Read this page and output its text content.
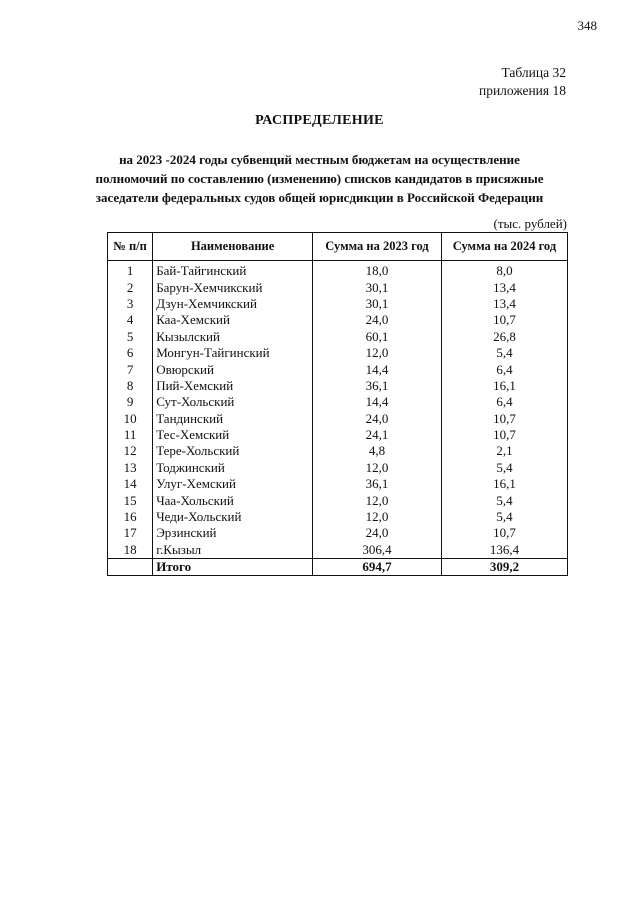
348
Таблица 32
приложения 18
РАСПРЕДЕЛЕНИЕ
на 2023 -2024 годы субвенций местным бюджетам на осуществление
полномочий по составлению (изменению) списков кандидатов в присяжные
заседатели федеральных судов общей юрисдикции в Российской Федерации
(тыс. рублей)
№ п/п	Наименование	Сумма на 2023 год	Сумма на 2024 год
1	Бай-Тайгинский	18,0	8,0
2	Барун-Хемчикский	30,1	13,4
3	Дзун-Хемчикский	30,1	13,4
4	Каа-Хемский	24,0	10,7
5	Кызылский	60,1	26,8
6	Монгун-Тайгинский	12,0	5,4
7	Овюрский	14,4	6,4
8	Пий-Хемский	36,1	16,1
9	Сут-Хольский	14,4	6,4
10	Тандинский	24,0	10,7
11	Тес-Хемский	24,1	10,7
12	Тере-Хольский	4,8	2,1
13	Тоджинский	12,0	5,4
14	Улуг-Хемский	36,1	16,1
15	Чаа-Хольский	12,0	5,4
16	Чеди-Хольский	12,0	5,4
17	Эрзинский	24,0	10,7
18	г.Кызыл	306,4	136,4
	Итого	694,7	309,2
